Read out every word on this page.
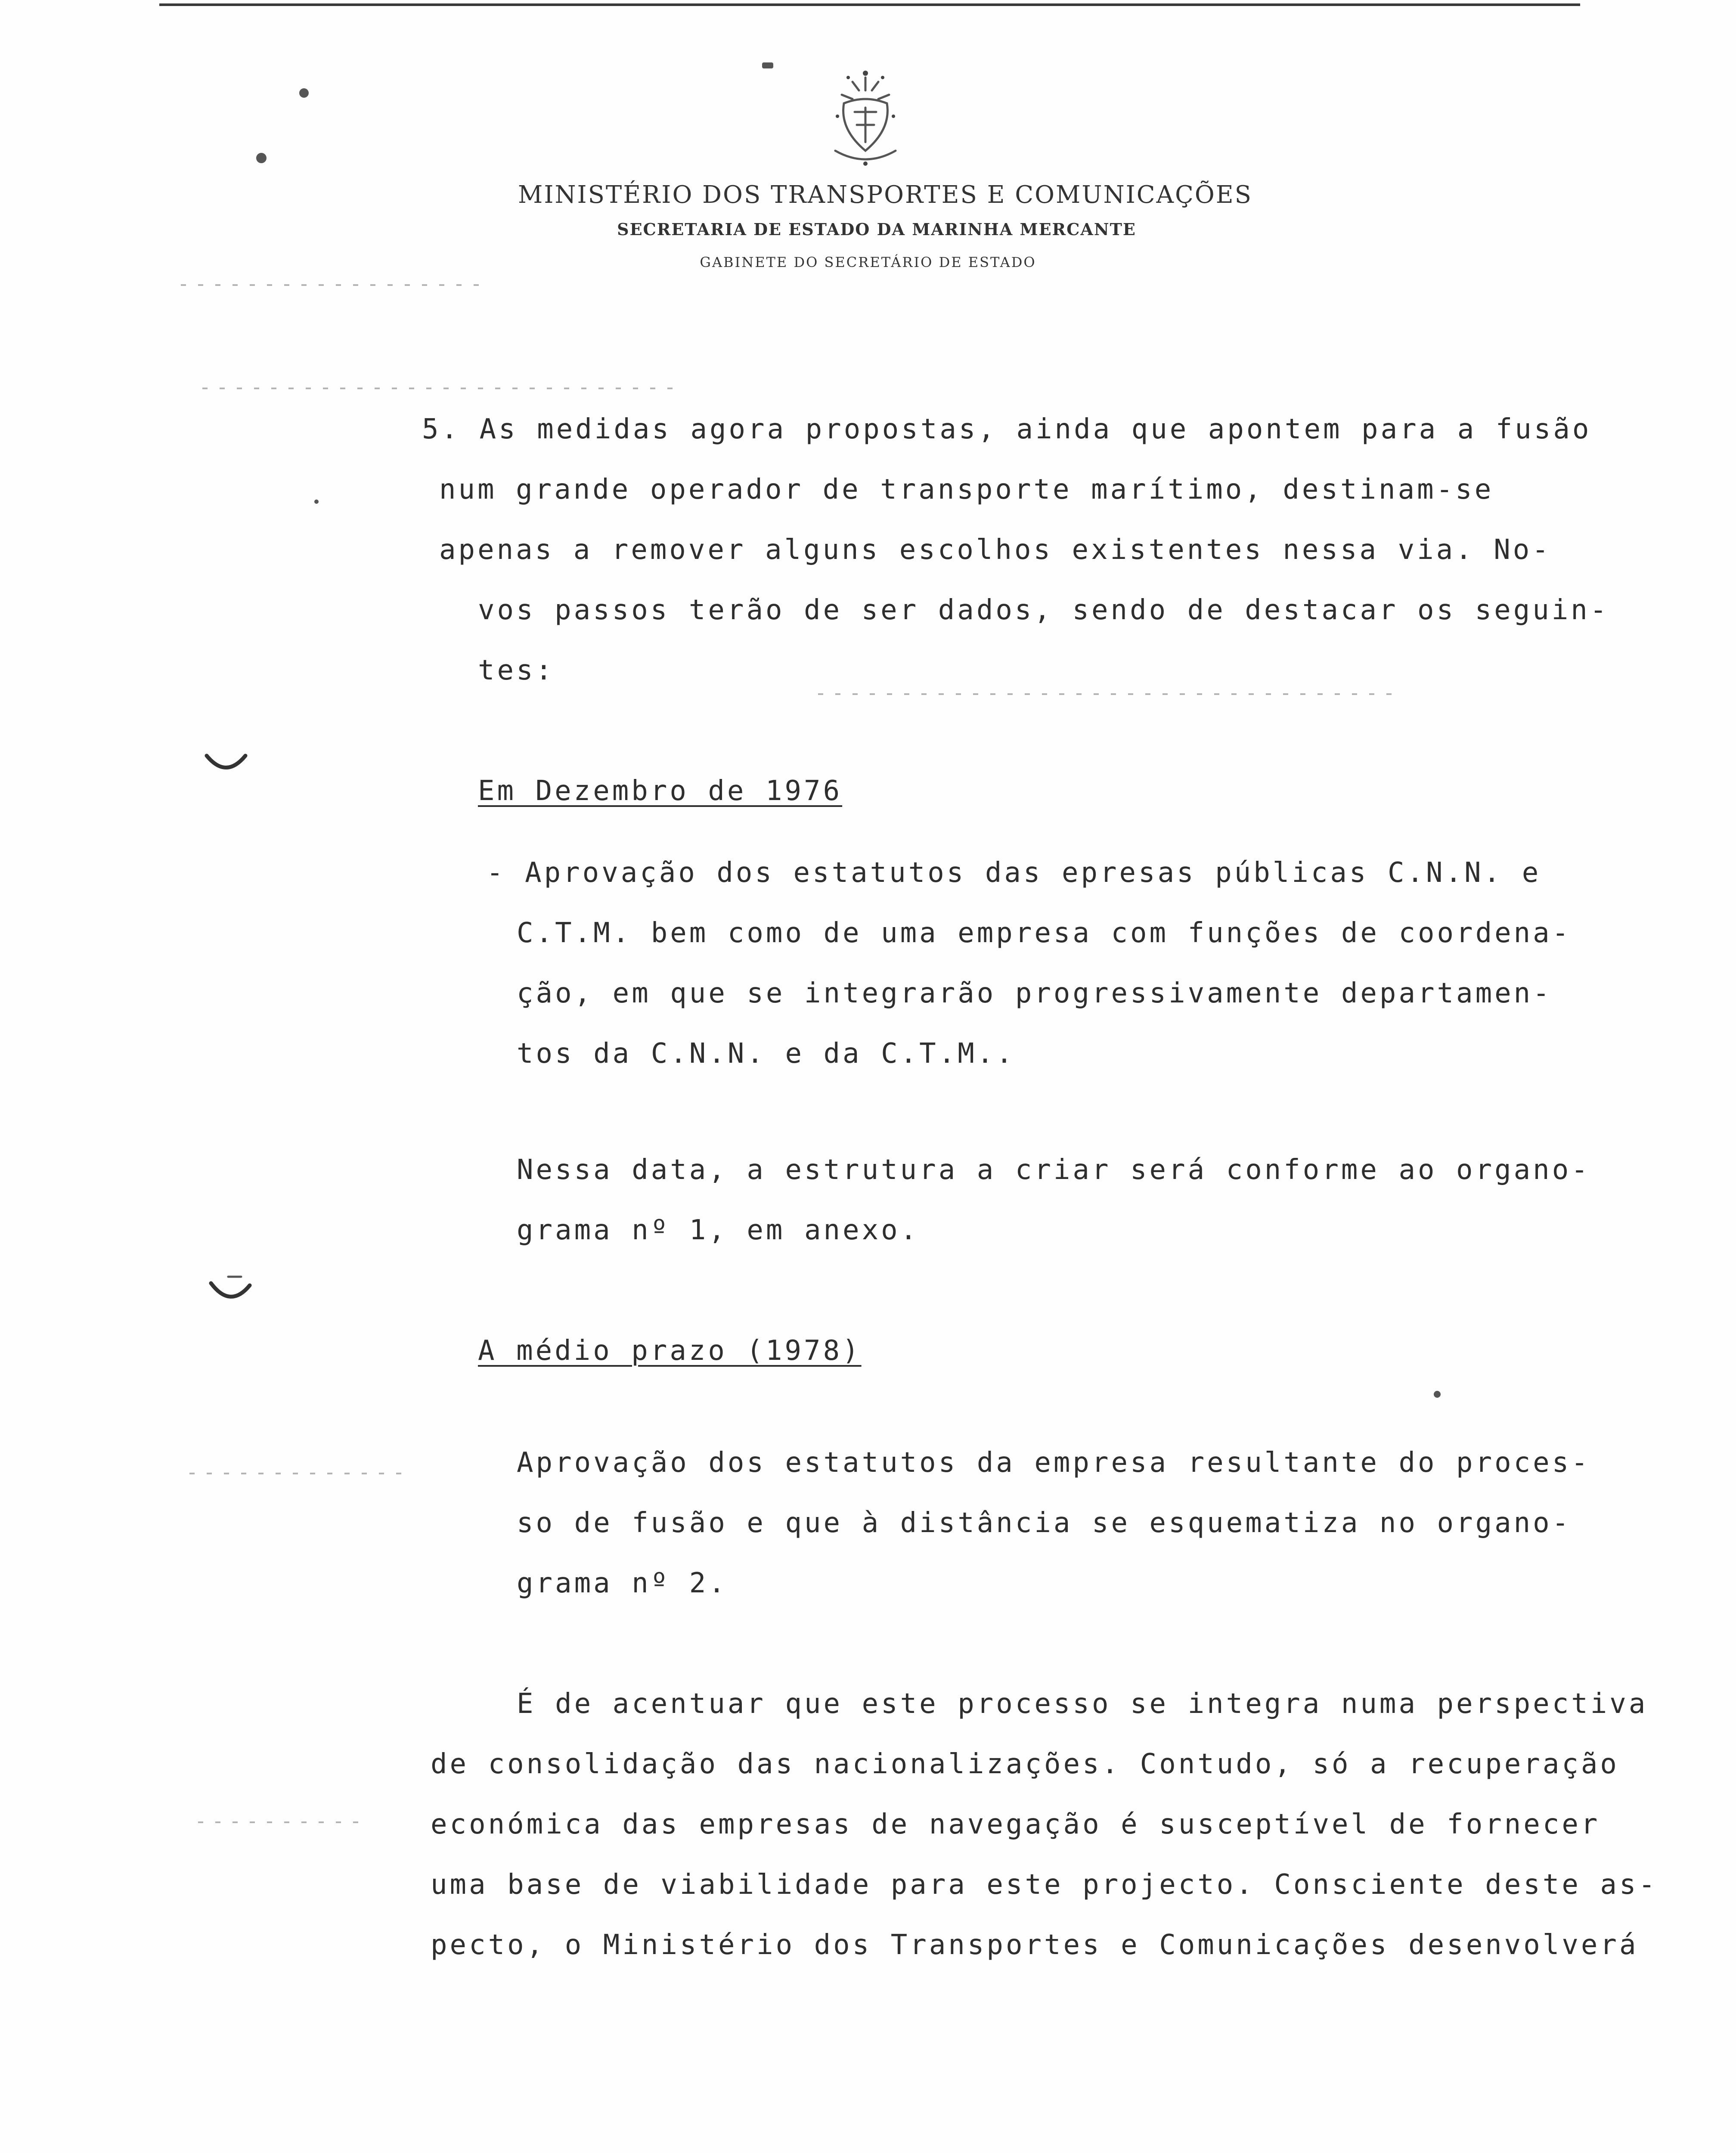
MINISTÉRIO DOS TRANSPORTES E COMUNICAÇÕES
SECRETARIA DE ESTADO DA MARINHA MERCANTE
GABINETE DO SECRETÁRIO DE ESTADO
5. As medidas agora propostas, ainda que apontem para a fusão
num grande operador de transporte marítimo, destinam-se
apenas a remover alguns escolhos existentes nessa via. No-
vos passos terão de ser dados, sendo de destacar os seguin-
tes:
Em Dezembro de 1976
- Aprovação dos estatutos das epresas públicas C.N.N. e
C.T.M. bem como de uma empresa com funções de coordena-
ção, em que se integrarão progressivamente departamen-
tos da C.N.N. e da C.T.M..
Nessa data, a estrutura a criar será conforme ao organo-
grama nº 1, em anexo.
A médio prazo (1978)
Aprovação dos estatutos da empresa resultante do proces-
so de fusão e que à distância se esquematiza no organo-
grama nº 2.
É de acentuar que este processo se integra numa perspectiva
de consolidação das nacionalizações. Contudo, só a recuperação
económica das empresas de navegação é susceptível de fornecer
uma base de viabilidade para este projecto. Consciente deste as-
pecto, o Ministério dos Transportes e Comunicações desenvolverá
